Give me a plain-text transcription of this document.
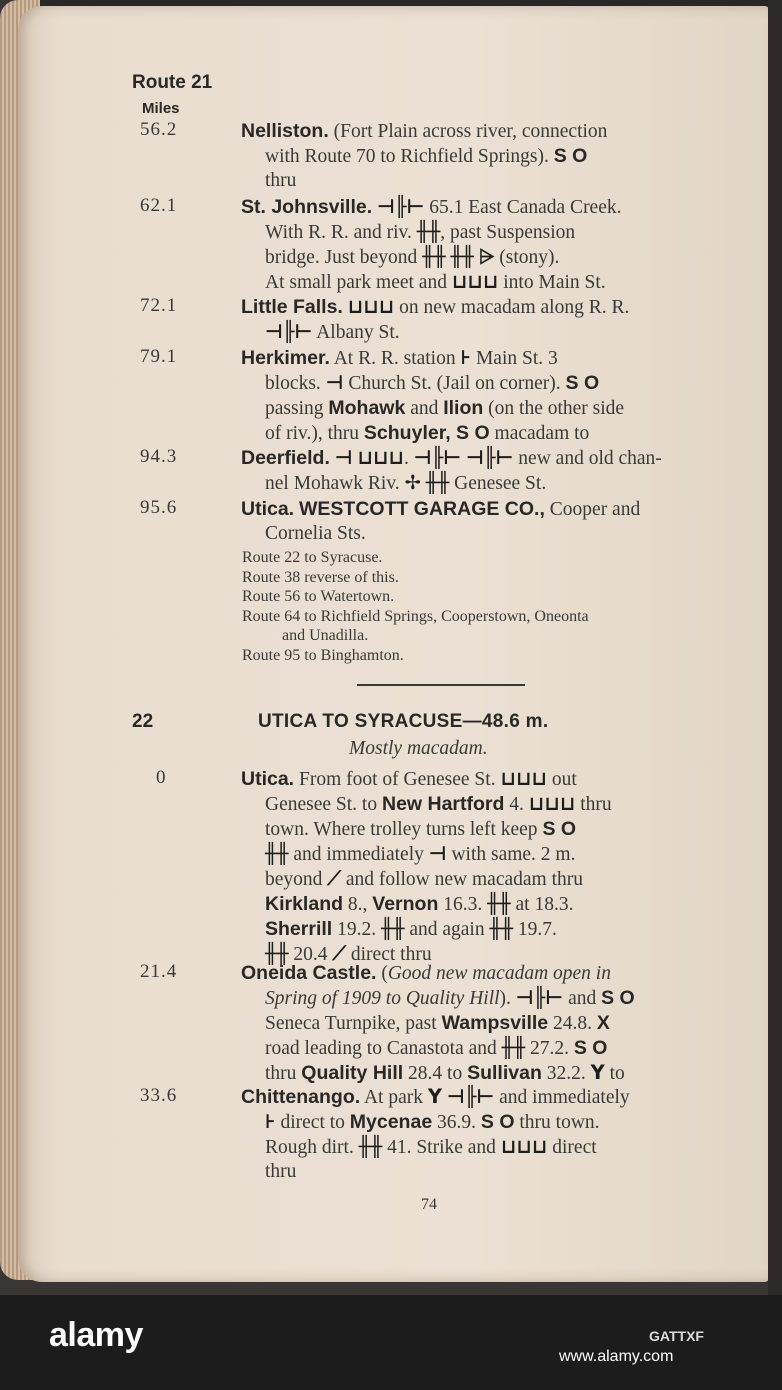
Route 21
Miles
56.2	Nelliston. (Fort Plain across river, connection

with Route 70 to Richfield Springs). S O
thru
62.1	St. Johnsville. ⊣╟⊢ 65.1 East Canada Creek.

With R. R. and riv. ╫╫, past Suspension
bridge. Just beyond ╫╫ ╫╫ ⩥ (stony).
At small park meet and ⊔⊔⊔ into Main St.
72.1	Little Falls. ⊔⊔⊔ on new macadam along R. R.

⊣╟⊢ Albany St.
79.1	Herkimer. At R. R. station ⊦ Main St. 3

blocks. ⊣ Church St. (Jail on corner). S O
passing Mohawk and Ilion (on the other side
of riv.), thru Schuyler, S O macadam to
94.3	Deerfield. ⊣ ⊔⊔⊔. ⊣╟⊢ ⊣╟⊢ new and old chan-

nel Mohawk Riv. ✢ ╫╫ Genesee St.
95.6	Utica. WESTCOTT GARAGE CO., Cooper and

Cornelia Sts.
Route 22 to Syracuse.
Route 38 reverse of this.
Route 56 to Watertown.
Route 64 to Richfield Springs, Cooperstown, Oneonta
and Unadilla.
Route 95 to Binghamton.
22	UTICA TO SYRACUSE—48.6 m.
Mostly macadam.
0	Utica. From foot of Genesee St. ⊔⊔⊔ out

Genesee St. to New Hartford 4. ⊔⊔⊔ thru
town. Where trolley turns left keep S O
╫╫ and immediately ⊣ with same. 2 m.
beyond ⟋ and follow new macadam thru
Kirkland 8., Vernon 16.3. ╫╫ at 18.3.
Sherrill 19.2. ╫╫ and again ╫╫ 19.7.
╫╫ 20.4 ⟋ direct thru
21.4	Oneida Castle. (Good new macadam open in

Spring of 1909 to Quality Hill). ⊣╟⊢ and S O
Seneca Turnpike, past Wampsville 24.8. X
road leading to Canastota and ╫╫ 27.2. S O
thru Quality Hill 28.4 to Sullivan 32.2. Y to
33.6	Chittenango. At park Y ⊣╟⊢ and immediately

⊦ direct to Mycenae 36.9. S O thru town.
Rough dirt. ╫╫ 41. Strike and ⊔⊔⊔ direct
thru
74
alamy	GATTXF
www.alamy.com
